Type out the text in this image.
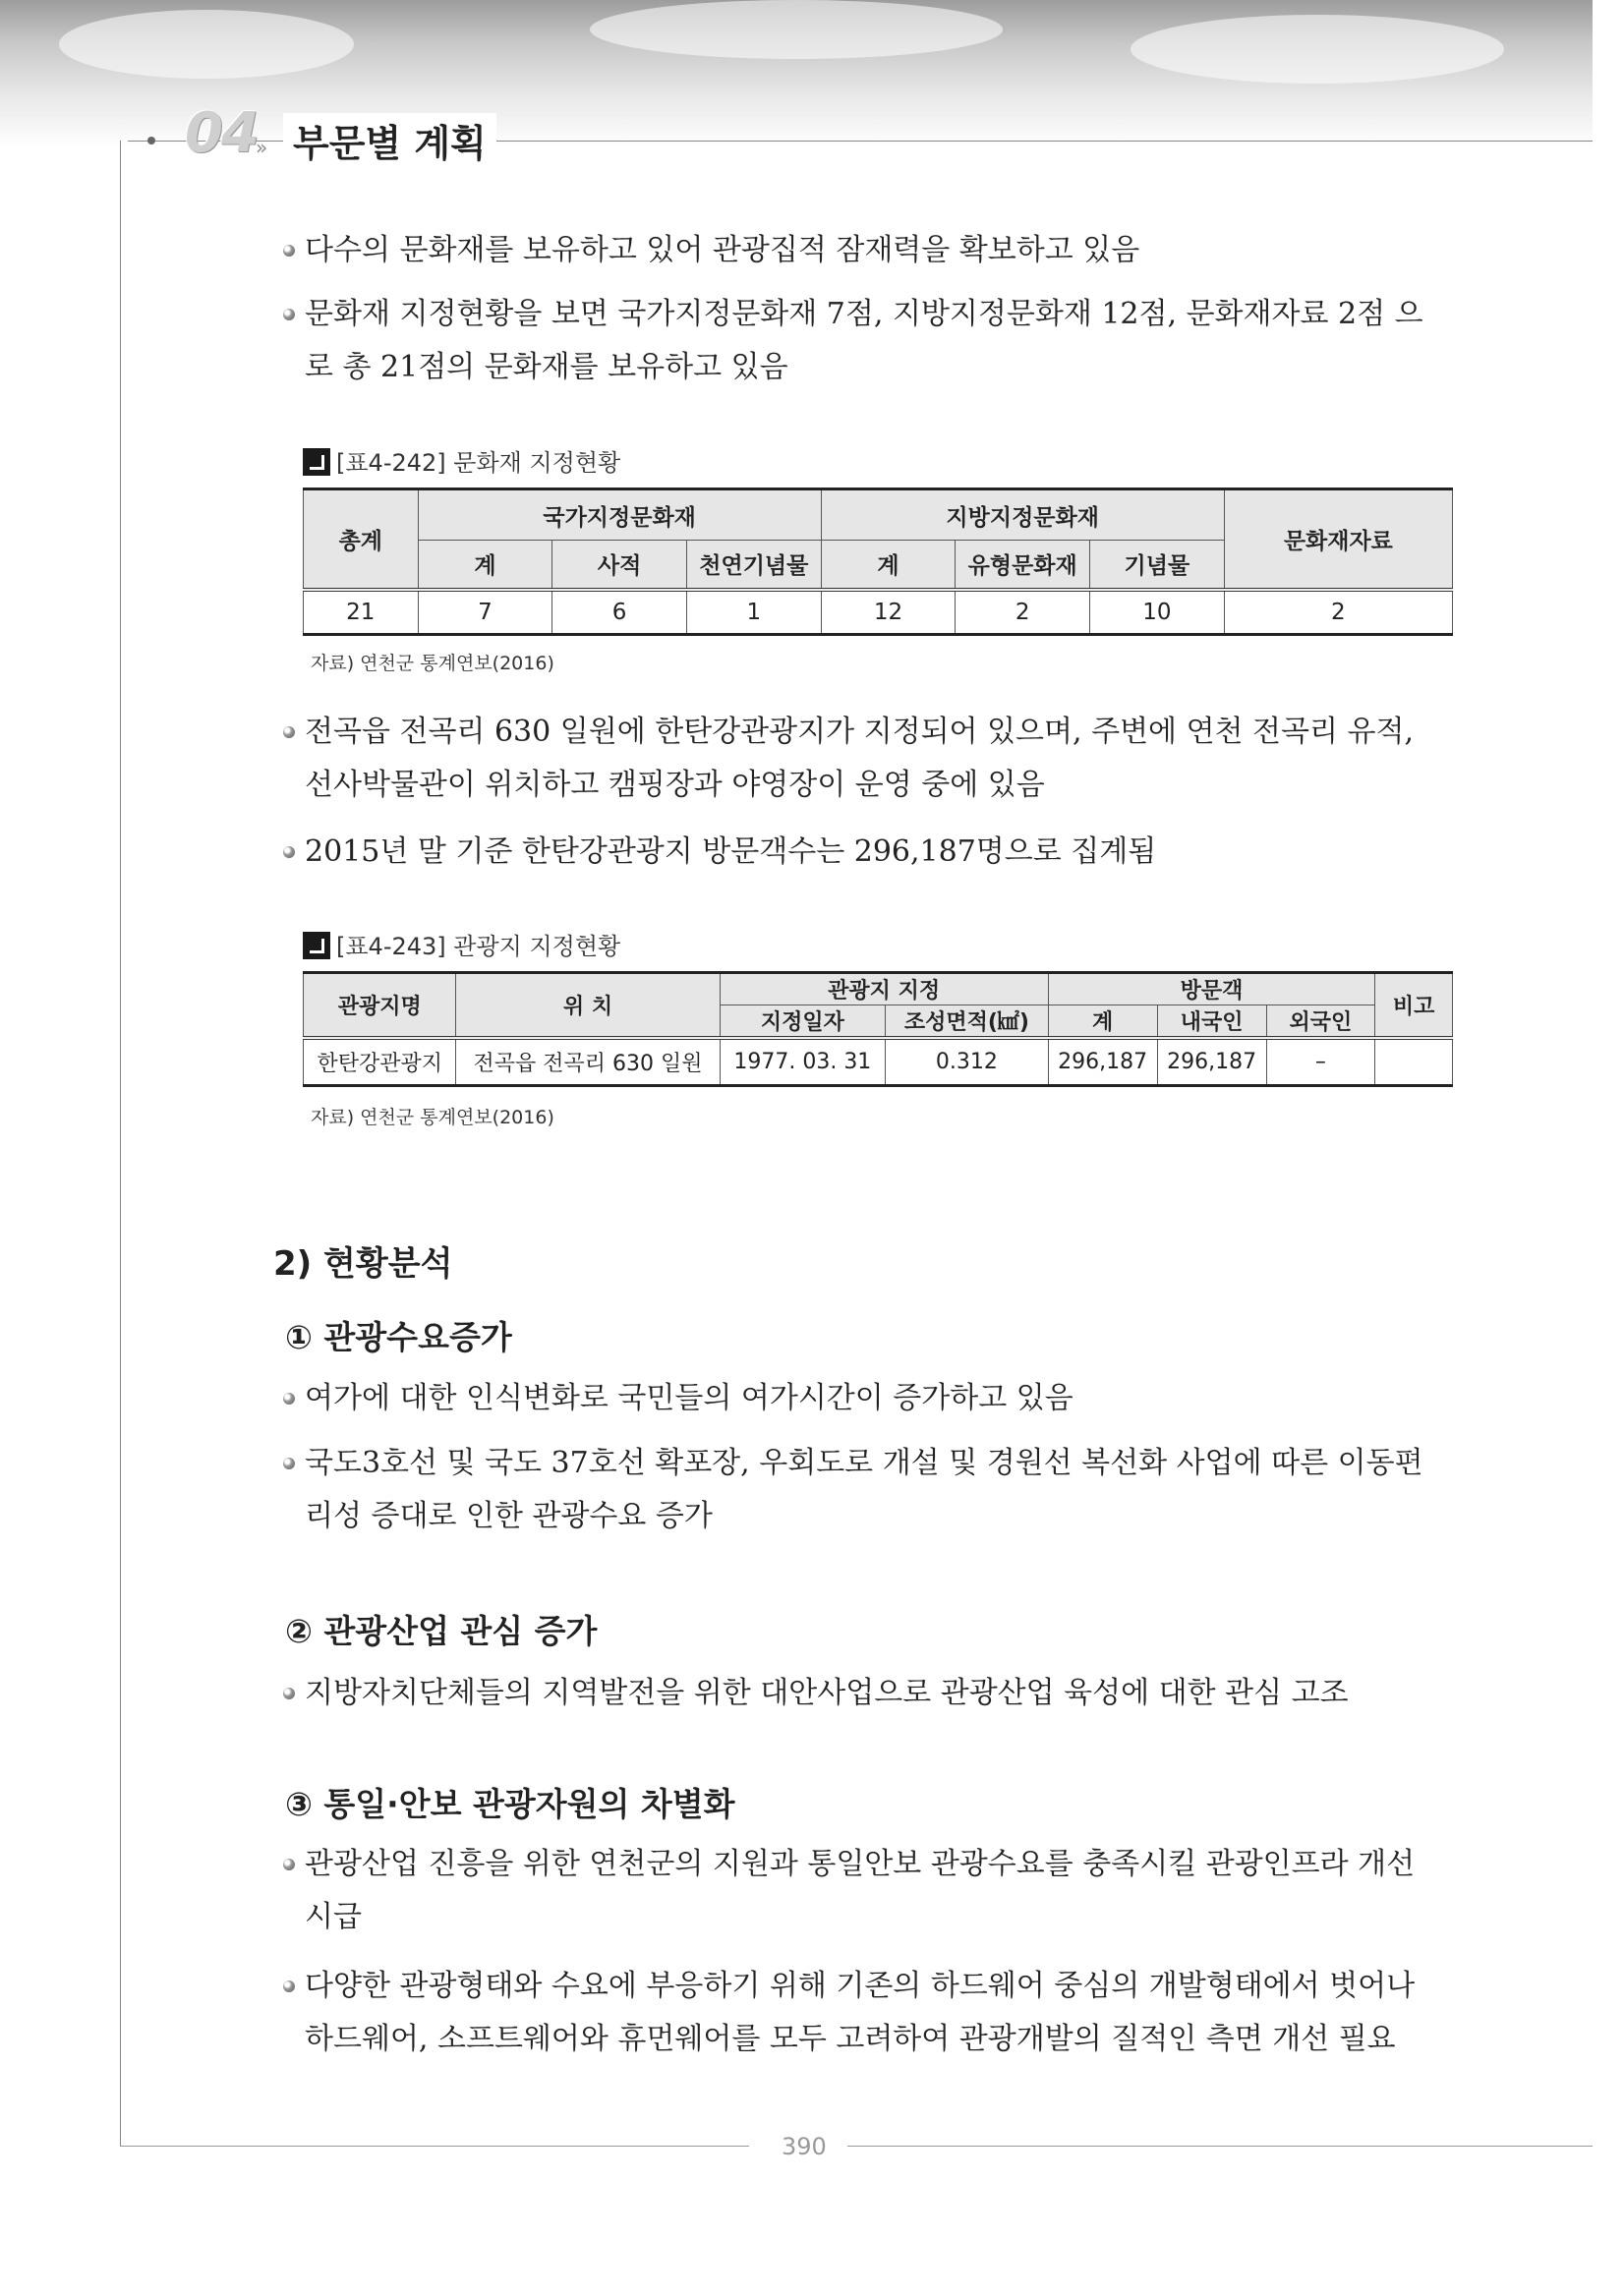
04
» 부문별 계획
다수의 문화재를 보유하고 있어 관광집적 잠재력을 확보하고 있음
문화재 지정현황을 보면 국가지정문화재 7점, 지방지정문화재 12점, 문화재자료 2점 으로 총 21점의 문화재를 보유하고 있음
[표4-242] 문화재 지정현황
총계	국가지정문화재			지방지정문화재			문화재자료
	계	사적	천연기념물	계	유형문화재	기념물	
21	7	6	1	12	2	10	2
자료) 연천군 통계연보(2016)
전곡읍 전곡리 630 일원에 한탄강관광지가 지정되어 있으며, 주변에 연천 전곡리 유적, 선사박물관이 위치하고 캠핑장과 야영장이 운영 중에 있음
2015년 말 기준 한탄강관광지 방문객수는 296,187명으로 집계됨
[표4-243] 관광지 지정현황
관광지명	위 치	관광지 지정		방문객			비고
		지정일자	조성면적(㎢)	계	내국인	외국인	
한탄강관광지	전곡읍 전곡리 630 일원	1977. 03. 31	0.312	296,187	296,187	–	
자료) 연천군 통계연보(2016)
2) 현황분석
① 관광수요증가
여가에 대한 인식변화로 국민들의 여가시간이 증가하고 있음
국도3호선 및 국도 37호선 확포장, 우회도로 개설 및 경원선 복선화 사업에 따른 이동편리성 증대로 인한 관광수요 증가
② 관광산업 관심 증가
지방자치단체들의 지역발전을 위한 대안사업으로 관광산업 육성에 대한 관심 고조
③ 통일·안보 관광자원의 차별화
관광산업 진흥을 위한 연천군의 지원과 통일안보 관광수요를 충족시킬 관광인프라 개선 시급
다양한 관광형태와 수요에 부응하기 위해 기존의 하드웨어 중심의 개발형태에서 벗어나 하드웨어, 소프트웨어와 휴먼웨어를 모두 고려하여 관광개발의 질적인 측면 개선 필요
390
